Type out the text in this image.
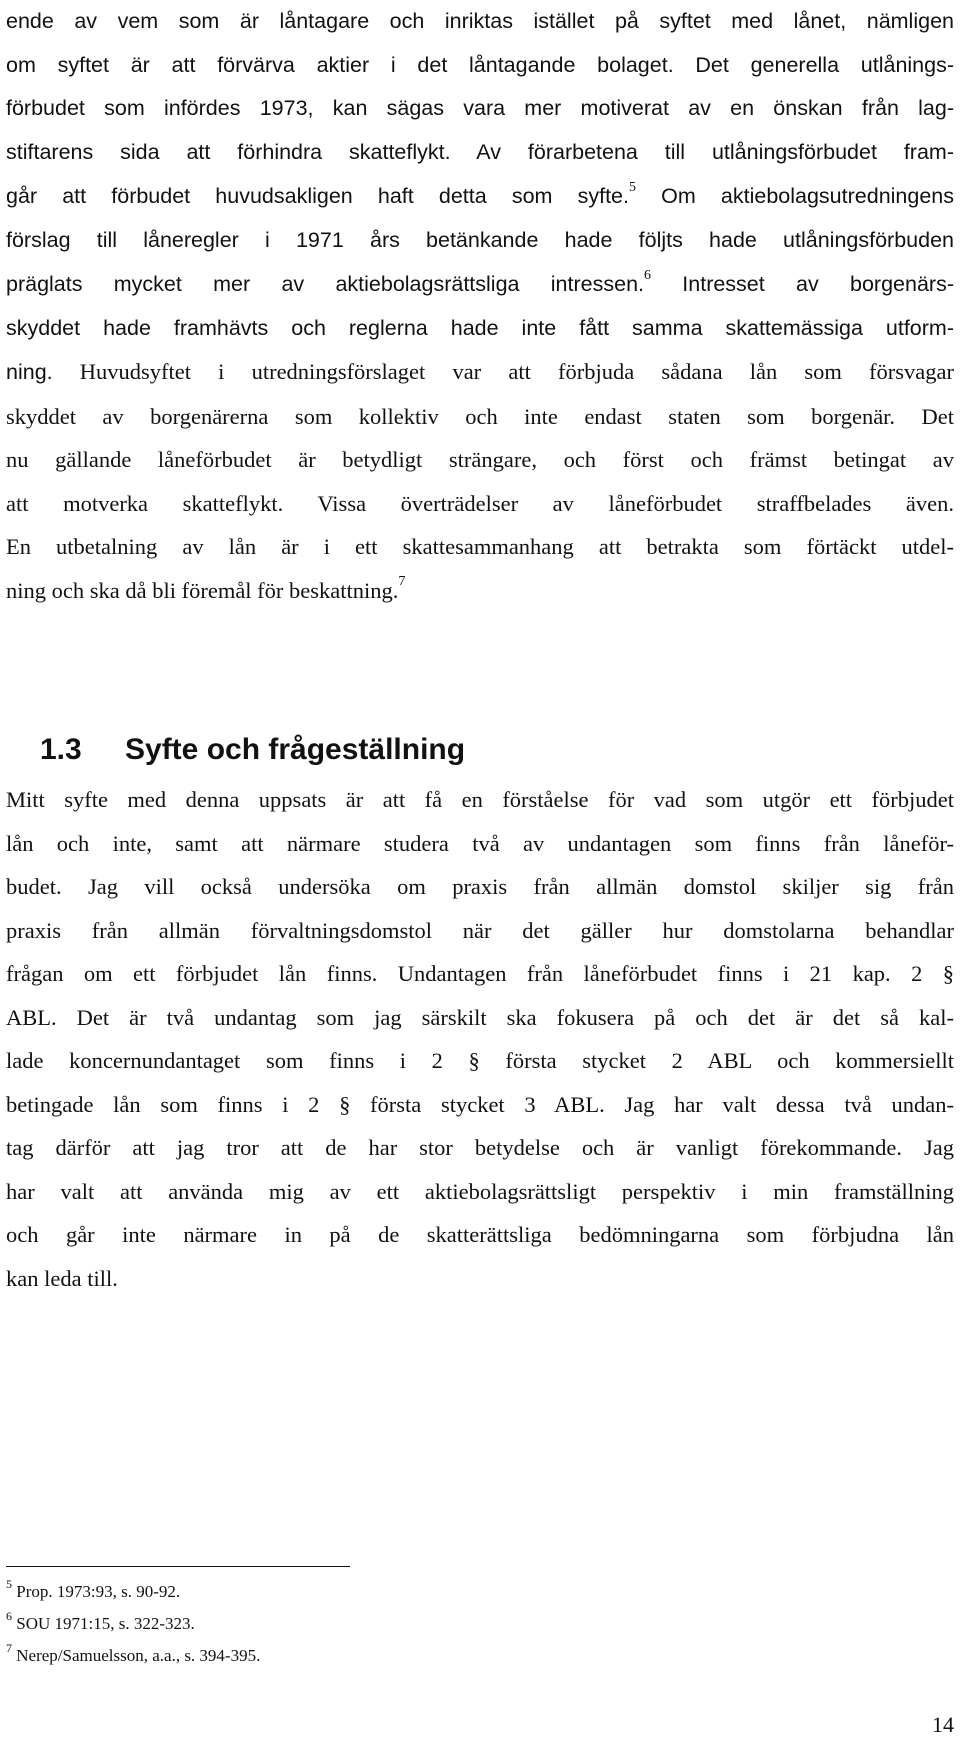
ende av vem som är låntagare och inriktas istället på syftet med lånet, nämligen
om syftet är att förvärva aktier i det låntagande bolaget. Det generella utlånings-
förbudet som infördes 1973, kan sägas vara mer motiverat av en önskan från lag-
stiftarens sida att förhindra skatteflykt. Av förarbetena till utlåningsförbudet fram-
går att förbudet huvudsakligen haft detta som syfte.$^5$ Om aktiebolagsutredningens
förslag till låneregler i 1971 års betänkande hade följts hade utlåningsförbuden
präglats mycket mer av aktiebolagsrättsliga intressen.$^6$ Intresset av borgenärs-
skyddet hade framhävts och reglerna hade inte fått samma skattemässiga utform-
ning. Huvudsyftet i utredningsförslaget var att förbjuda sådana lån som försvagar
skyddet av borgenärerna som kollektiv och inte endast staten som borgenär. Det
nu gällande låneförbudet är betydligt strängare, och först och främst betingat av
att motverka skatteflykt. Vissa överträdelser av låneförbudet straffbelades även.
En utbetalning av lån är i ett skattesammanhang att betrakta som förtäckt utdel-
ning och ska då bli föremål för beskattning.$^7$
1.3 Syfte och frågeställning
Mitt syfte med denna uppsats är att få en förståelse för vad som utgör ett förbjudet
lån och inte, samt att närmare studera två av undantagen som finns från låneför-
budet. Jag vill också undersöka om praxis från allmän domstol skiljer sig från
praxis från allmän förvaltningsdomstol när det gäller hur domstolarna behandlar
frågan om ett förbjudet lån finns. Undantagen från låneförbudet finns i 21 kap. 2 §
ABL. Det är två undantag som jag särskilt ska fokusera på och det är det så kal-
lade koncernundantaget som finns i 2 § första stycket 2 ABL och kommersiellt
betingade lån som finns i 2 § första stycket 3 ABL. Jag har valt dessa två undan-
tag därför att jag tror att de har stor betydelse och är vanligt förekommande. Jag
har valt att använda mig av ett aktiebolagsrättsligt perspektiv i min framställning
och går inte närmare in på de skatterättsliga bedömningarna som förbjudna lån
kan leda till.
$^5$ Prop. 1973:93, s. 90-92.
$^6$ SOU 1971:15, s. 322-323.
$^7$ Nerep/Samuelsson, a.a., s. 394-395.
14
